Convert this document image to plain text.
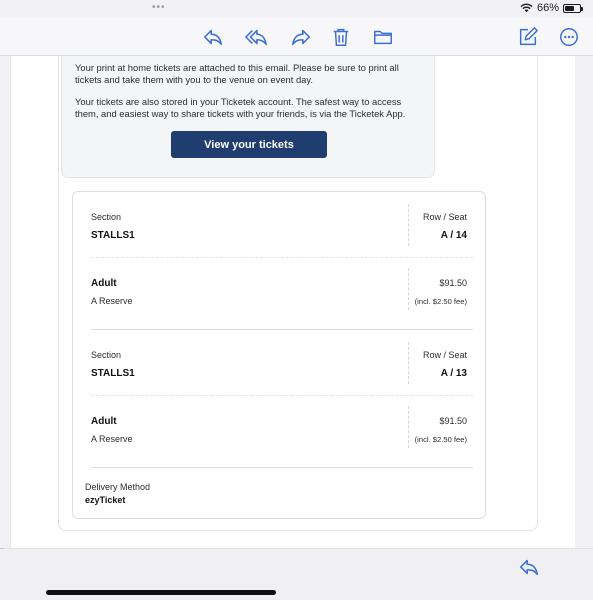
•••	66%

Your print at home tickets are attached to this email. Please be sure to print all tickets and take them with you to the venue on event day.

Your tickets are also stored in your Ticketek account. The safest way to access them, and easiest way to share tickets with your friends, is via the Ticketek App.

View your tickets
Section
STALLS1
Row / Seat
A / 14
Adult
A Reserve
$91.50
(incl. $2.50 fee)
Section
STALLS1
Row / Seat
A / 13
Adult
A Reserve
$91.50
(incl. $2.50 fee)
Delivery Method
ezyTicket
